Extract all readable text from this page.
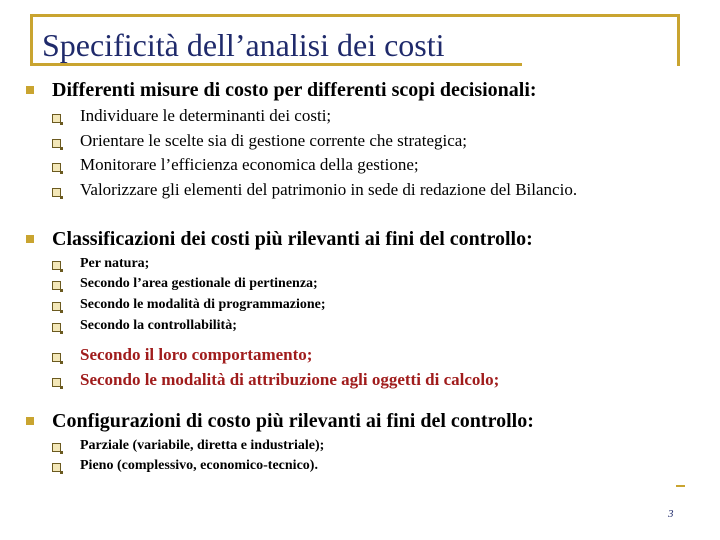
Specificità dell’analisi dei costi
Differenti misure di costo per differenti scopi decisionali:
Individuare le determinanti dei costi;
Orientare le scelte sia di gestione corrente che strategica;
Monitorare l’efficienza economica della gestione;
Valorizzare gli elementi del patrimonio in sede di redazione del Bilancio.
Classificazioni dei costi più rilevanti ai fini del controllo:
Per natura;
Secondo l’area gestionale di pertinenza;
Secondo le modalità di programmazione;
Secondo la controllabilità;
Secondo il loro comportamento;
Secondo le modalità di attribuzione agli oggetti di calcolo;
Configurazioni di costo più rilevanti ai fini del controllo:
Parziale (variabile, diretta e industriale);
Pieno (complessivo, economico-tecnico).
3
